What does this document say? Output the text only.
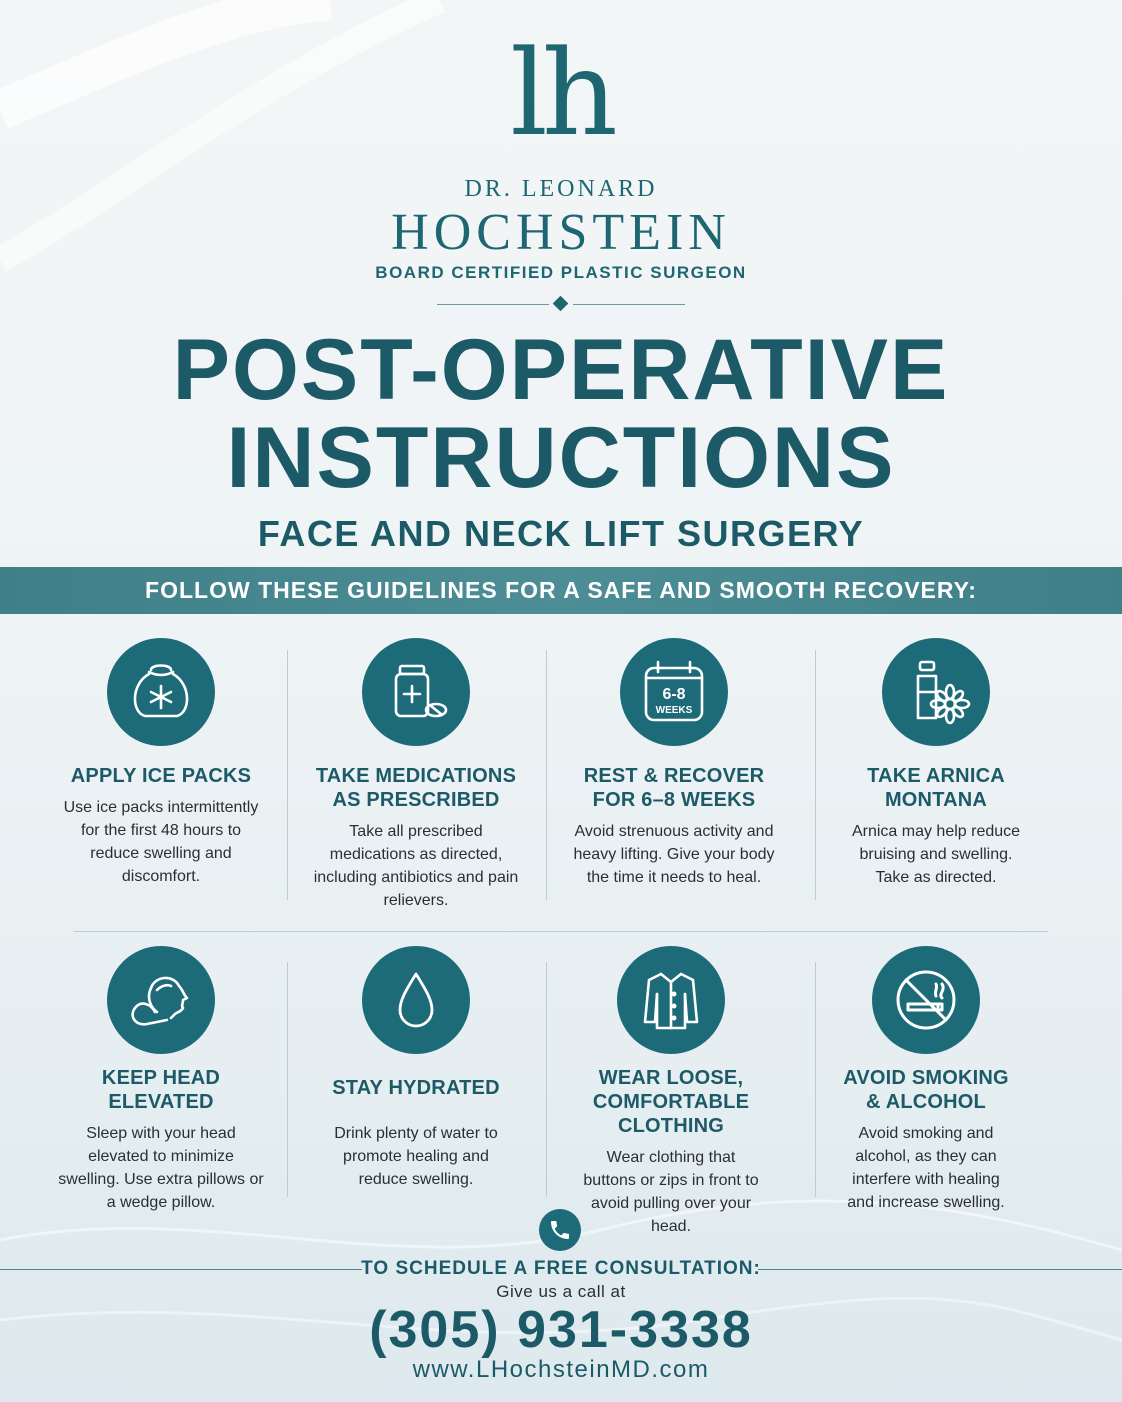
lh
DR. LEONARD
HOCHSTEIN
BOARD CERTIFIED PLASTIC SURGEON
POST-OPERATIVE
INSTRUCTIONS
FACE AND NECK LIFT SURGERY
FOLLOW THESE GUIDELINES FOR A SAFE AND SMOOTH RECOVERY:
APPLY ICE PACKS
Use ice packs intermittently for the first 48 hours to reduce swelling and discomfort.
TAKE MEDICATIONS AS PRESCRIBED
Take all prescribed medications as directed, including antibiotics and pain relievers.
6-8
WEEKS
REST & RECOVER FOR 6–8 WEEKS
Avoid strenuous activity and heavy lifting. Give your body the time it needs to heal.
TAKE ARNICA MONTANA
Arnica may help reduce bruising and swelling. Take as directed.
KEEP HEAD ELEVATED
Sleep with your head elevated to minimize swelling. Use extra pillows or a wedge pillow.
STAY HYDRATED
Drink plenty of water to promote healing and reduce swelling.
WEAR LOOSE, COMFORTABLE CLOTHING
Wear clothing that buttons or zips in front to avoid pulling over your head.
AVOID SMOKING & ALCOHOL
Avoid smoking and alcohol, as they can interfere with healing and increase swelling.
TO SCHEDULE A FREE CONSULTATION:
Give us a call at
(305) 931-3338
www.LHochsteinMD.com
